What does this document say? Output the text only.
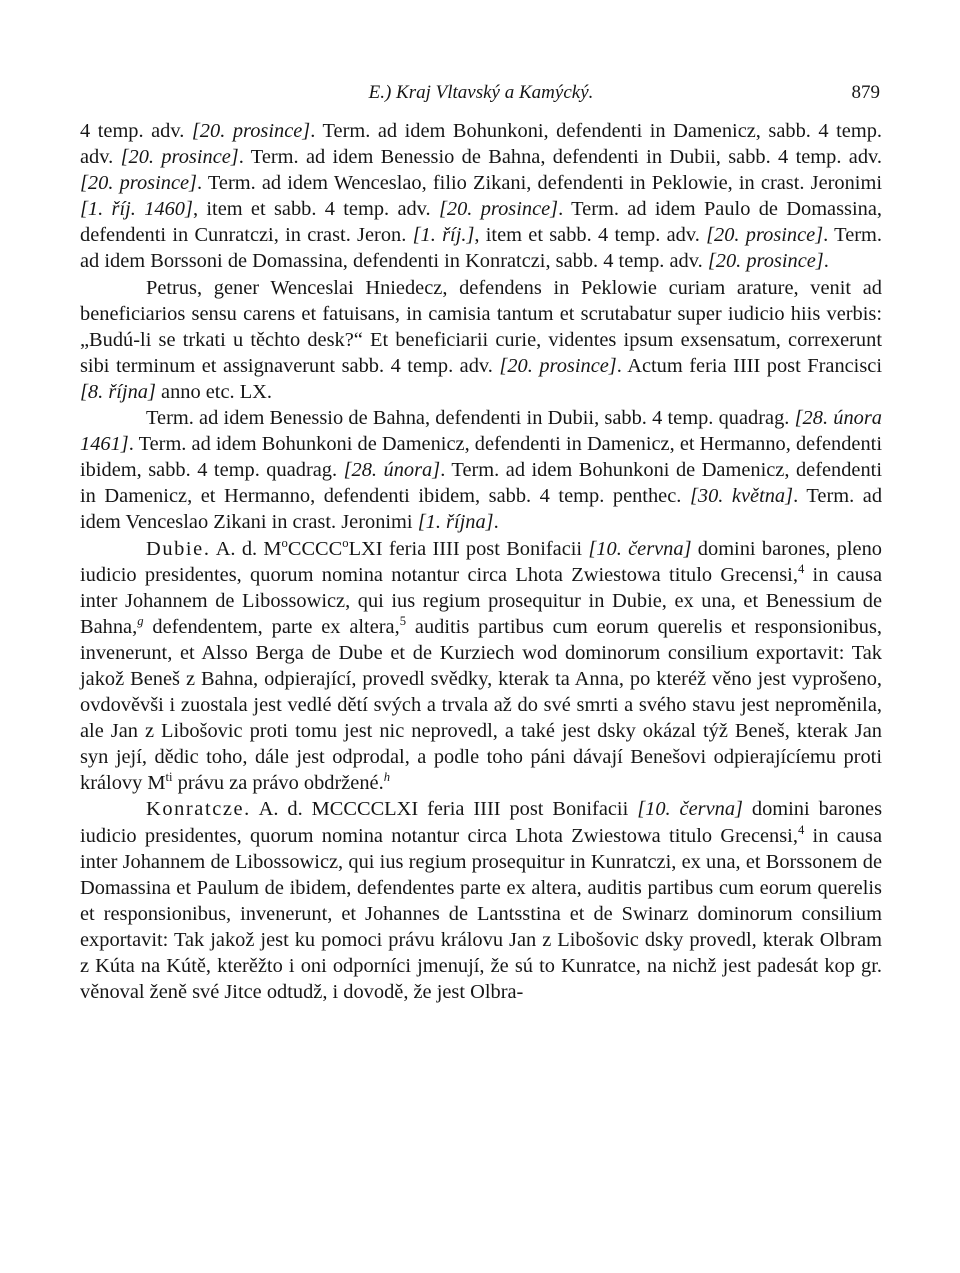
E.) Kraj Vltavský a Kamýcký.	879

4 temp. adv. [20. prosince]. Term. ad idem Bohunkoni, defendenti in Damenicz, sabb. 4 temp. adv. [20. prosince]. Term. ad idem Benessio de Bahna, defendenti in Dubii, sabb. 4 temp. adv. [20. prosince]. Term. ad idem Wenceslao, filio Zikani, defendenti in Peklowie, in crast. Jeronimi [1. říj. 1460], item et sabb. 4 temp. adv. [20. prosince]. Term. ad idem Paulo de Domassina, defendenti in Cunratczi, in crast. Jeron. [1. říj.], item et sabb. 4 temp. adv. [20. prosince]. Term. ad idem Borssoni de Domassina, defendenti in Konratczi, sabb. 4 temp. adv. [20. prosince].

Petrus, gener Wenceslai Hniedecz, defendens in Peklowie curiam arature, venit ad beneficiarios sensu carens et fatuisans, in camisia tantum et scrutabatur super iudicio hiis verbis: „Budú-li se trkati u těchto desk?“ Et beneficiarii curie, videntes ipsum exsensatum, correxerunt sibi terminum et assignaverunt sabb. 4 temp. adv. [20. prosince]. Actum feria IIII post Francisci [8. října] anno etc. LX.

Term. ad idem Benessio de Bahna, defendenti in Dubii, sabb. 4 temp. quadrag. [28. února 1461]. Term. ad idem Bohunkoni de Damenicz, defendenti in Damenicz, et Hermanno, defendenti ibidem, sabb. 4 temp. quadrag. [28. února]. Term. ad idem Bohunkoni de Damenicz, defendenti in Damenicz, et Hermanno, defendenti ibidem, sabb. 4 temp. penthec. [30. května]. Term. ad idem Venceslao Zikani in crast. Jeronimi [1. října].

Dubie. A. d. $M^oCCCC^oLXI$ feria IIII post Bonifacii [10. června] domini barones, pleno iudicio presidentes, quorum nomina notantur circa Lhota Zwiestowa titulo Grecensi,$^4$ in causa inter Johannem de Libossowicz, qui ius regium prosequitur in Dubie, ex una, et Benessium de Bahna,$^g$ defendentem, parte ex altera,$^5$ auditis partibus cum eorum querelis et responsionibus, invenerunt, et Alsso Berga de Dube et de Kurziech wod dominorum consilium exportavit: Tak jakož Beneš z Bahna, odpierající, provedl svědky, kterak ta Anna, po kteréž věno jest vyprošeno, ovdověvši i zuostala jest vedlé dětí svých a trvala až do své smrti a svého stavu jest neproměnila, ale Jan z Libošovic proti tomu jest nic neprovedl, a také jest dsky okázal týž Beneš, kterak Jan syn její, dědic toho, dále jest odprodal, a podle toho páni dávají Benešovi odpierajícíemu proti královy $M^{ti}$ právu za právo obdržené.$^h$

Konratcze. A. d. MCCCCLXI feria IIII post Bonifacii [10. června] domini barones iudicio presidentes, quorum nomina notantur circa Lhota Zwiestowa titulo Grecensi,$^4$ in causa inter Johannem de Libossowicz, qui ius regium prosequitur in Kunratczi, ex una, et Borssonem de Domassina et Paulum de ibidem, defendentes parte ex altera, auditis partibus cum eorum querelis et responsionibus, invenerunt, et Johannes de Lantsstina et de Swinarz dominorum consilium exportavit: Tak jakož jest ku pomoci právu královu Jan z Libošovic dsky provedl, kterak Olbram z Kúta na Kútě, kterěžto i oni odporníci jmenují, že sú to Kunratce, na nichž jest padesát kop gr. věnoval ženě své Jitce odtudž, i dovodě, že jest Olbra-
